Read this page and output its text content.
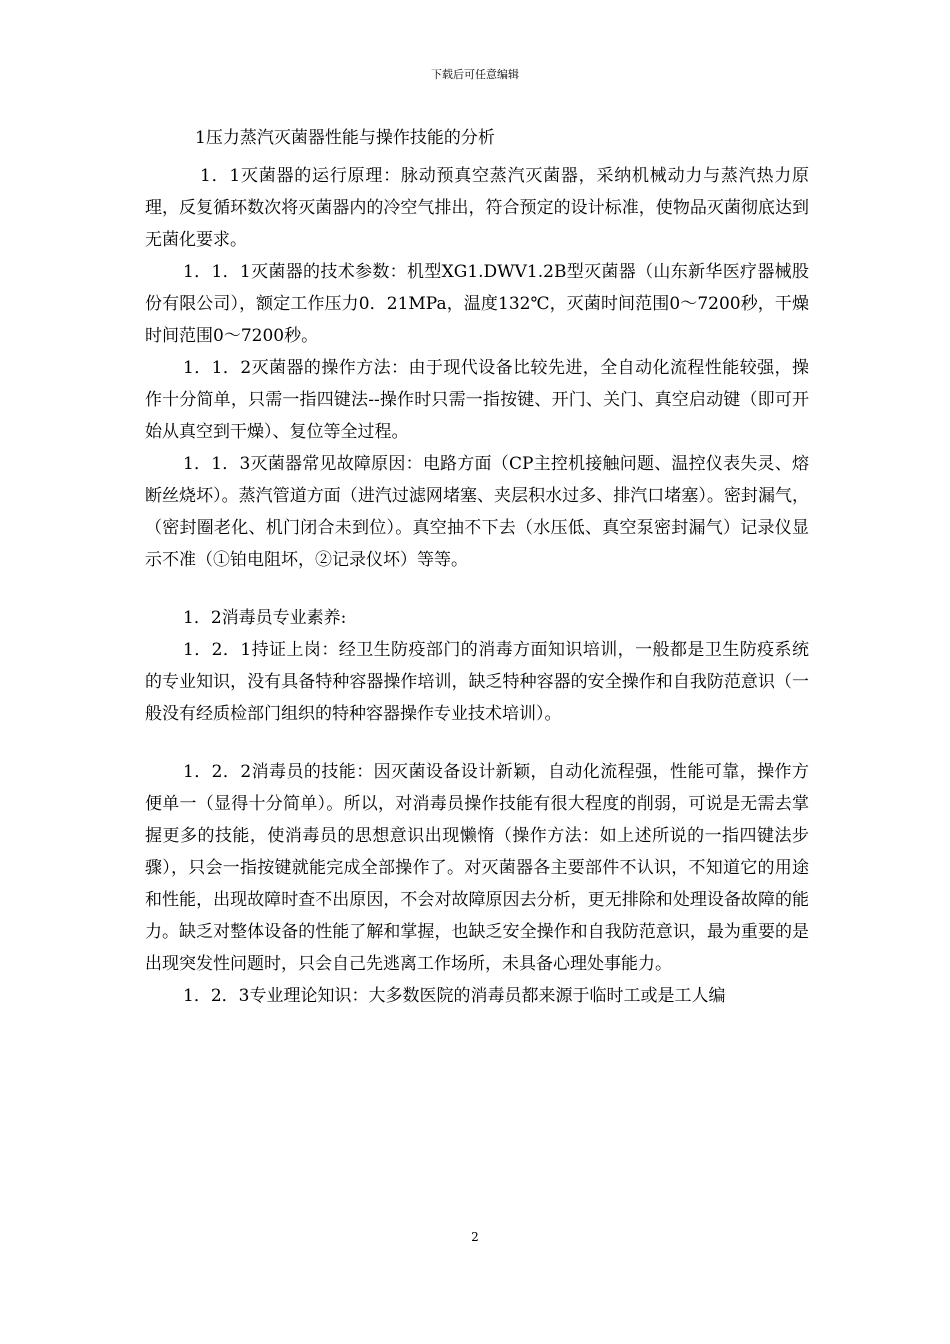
下载后可任意编辑

1压力蒸汽灭菌器性能与操作技能的分析

1．1灭菌器的运行原理：脉动预真空蒸汽灭菌器，采纳机械动力与蒸汽热力原理，反复循环数次将灭菌器内的冷空气排出，符合预定的设计标准，使物品灭菌彻底达到无菌化要求。

1．1．1灭菌器的技术参数：机型XG1.DWV1.2B型灭菌器（山东新华医疗器械股份有限公司），额定工作压力0．21MPa，温度132℃，灭菌时间范围0～7200秒，干燥时间范围0～7200秒。

1．1．2灭菌器的操作方法：由于现代设备比较先进，全自动化流程性能较强，操作十分简单，只需一指四键法--操作时只需一指按键、开门、关门、真空启动键（即可开始从真空到干燥）、复位等全过程。

1．1．3灭菌器常见故障原因：电路方面（CP主控机接触问题、温控仪表失灵、熔断丝烧坏）。蒸汽管道方面（进汽过滤网堵塞、夹层积水过多、排汽口堵塞）。密封漏气，（密封圈老化、机门闭合未到位）。真空抽不下去（水压低、真空泵密封漏气）记录仪显示不准（①铂电阻坏，②记录仪坏）等等。

1．2消毒员专业素养:

1．2．1持证上岗：经卫生防疫部门的消毒方面知识培训，一般都是卫生防疫系统的专业知识，没有具备特种容器操作培训，缺乏特种容器的安全操作和自我防范意识（一般没有经质检部门组织的特种容器操作专业技术培训）。

1．2．2消毒员的技能：因灭菌设备设计新颖，自动化流程强，性能可靠，操作方便单一（显得十分简单）。所以，对消毒员操作技能有很大程度的削弱，可说是无需去掌握更多的技能，使消毒员的思想意识出现懒惰（操作方法：如上述所说的一指四键法步骤），只会一指按键就能完成全部操作了。对灭菌器各主要部件不认识，不知道它的用途和性能，出现故障时查不出原因，不会对故障原因去分析，更无排除和处理设备故障的能力。缺乏对整体设备的性能了解和掌握，也缺乏安全操作和自我防范意识，最为重要的是出现突发性问题时，只会自己先逃离工作场所，未具备心理处事能力。

1．2．3专业理论知识：大多数医院的消毒员都来源于临时工或是工人编

2
